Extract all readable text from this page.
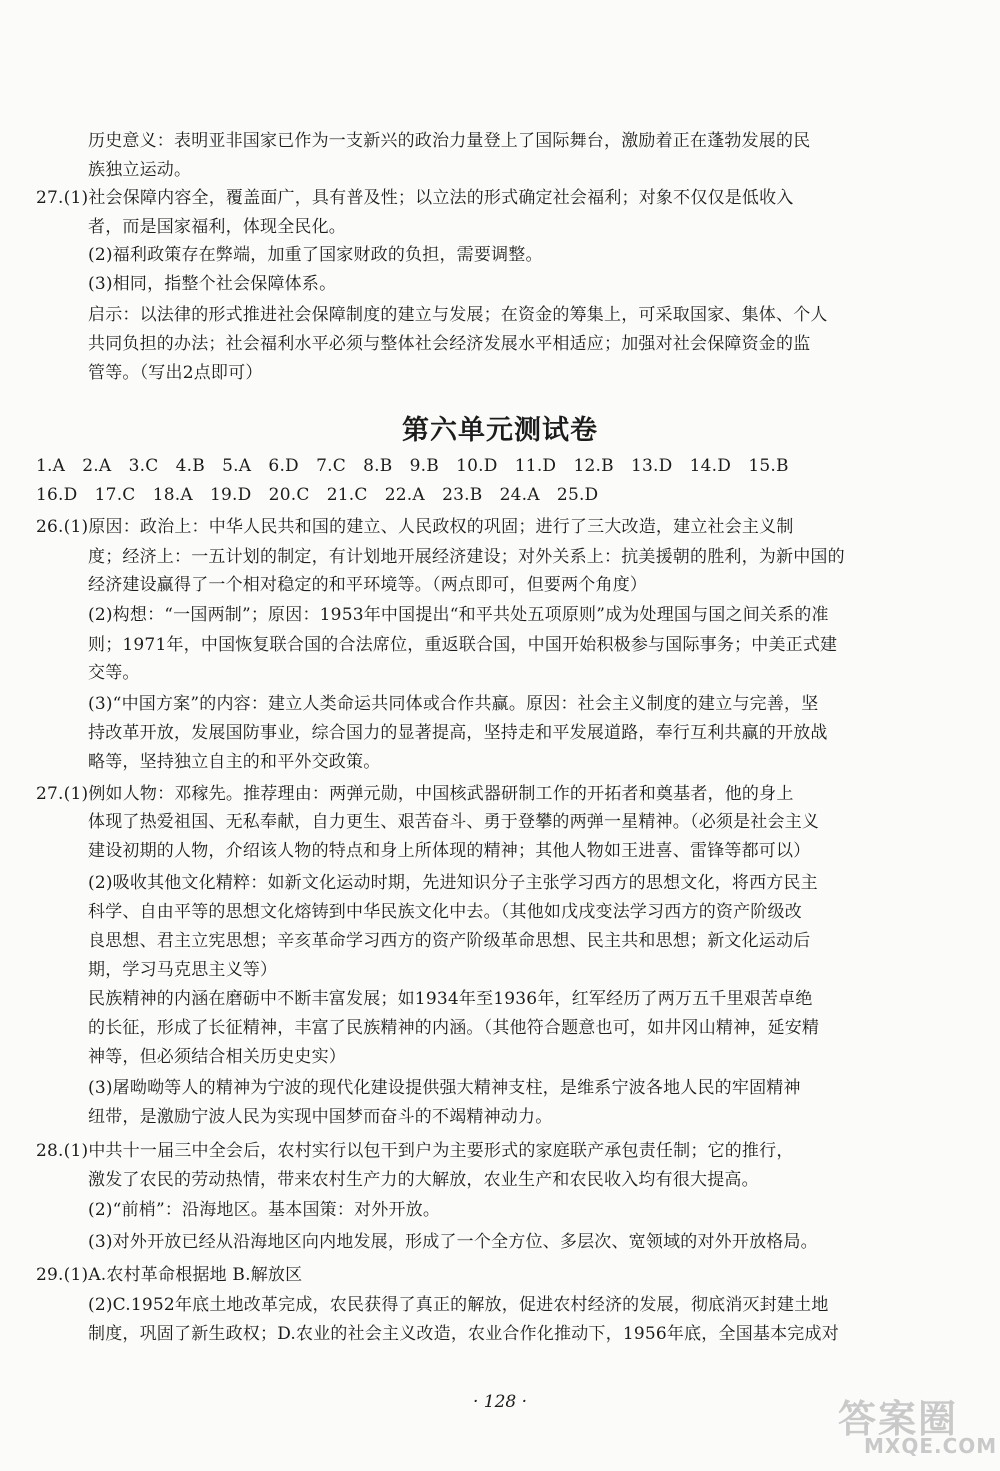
历史意义：表明亚非国家已作为一支新兴的政治力量登上了国际舞台，激励着正在蓬勃发展的民
族独立运动。
27.(1)社会保障内容全，覆盖面广，具有普及性；以立法的形式确定社会福利；对象不仅仅是低收入
者，而是国家福利，体现全民化。
(2)福利政策存在弊端，加重了国家财政的负担，需要调整。
(3)相同，指整个社会保障体系。
启示：以法律的形式推进社会保障制度的建立与发展；在资金的筹集上，可采取国家、集体、个人
共同负担的办法；社会福利水平必须与整体社会经济发展水平相适应；加强对社会保障资金的监
管等。（写出2点即可）
第六单元测试卷
1.A　2.A　3.C　4.B　5.A　6.D　7.C　8.B　9.B　10.D　11.D　12.B　13.D　14.D　15.B
16.D　17.C　18.A　19.D　20.C　21.C　22.A　23.B　24.A　25.D
26.(1)原因：政治上：中华人民共和国的建立、人民政权的巩固；进行了三大改造，建立社会主义制
度；经济上：一五计划的制定，有计划地开展经济建设；对外关系上：抗美援朝的胜利，为新中国的
经济建设赢得了一个相对稳定的和平环境等。（两点即可，但要两个角度）
(2)构想：“一国两制”；原因：1953年中国提出“和平共处五项原则”成为处理国与国之间关系的准
则；1971年，中国恢复联合国的合法席位，重返联合国，中国开始积极参与国际事务；中美正式建
交等。
(3)“中国方案”的内容：建立人类命运共同体或合作共赢。原因：社会主义制度的建立与完善，坚
持改革开放，发展国防事业，综合国力的显著提高，坚持走和平发展道路，奉行互利共赢的开放战
略等，坚持独立自主的和平外交政策。
27.(1)例如人物：邓稼先。推荐理由：两弹元勋，中国核武器研制工作的开拓者和奠基者，他的身上
体现了热爱祖国、无私奉献，自力更生、艰苦奋斗、勇于登攀的两弹一星精神。（必须是社会主义
建设初期的人物，介绍该人物的特点和身上所体现的精神；其他人物如王进喜、雷锋等都可以）
(2)吸收其他文化精粹：如新文化运动时期，先进知识分子主张学习西方的思想文化，将西方民主
科学、自由平等的思想文化熔铸到中华民族文化中去。（其他如戊戌变法学习西方的资产阶级改
良思想、君主立宪思想；辛亥革命学习西方的资产阶级革命思想、民主共和思想；新文化运动后
期，学习马克思主义等）
民族精神的内涵在磨砺中不断丰富发展；如1934年至1936年，红军经历了两万五千里艰苦卓绝
的长征，形成了长征精神，丰富了民族精神的内涵。（其他符合题意也可，如井冈山精神，延安精
神等，但必须结合相关历史史实）
(3)屠呦呦等人的精神为宁波的现代化建设提供强大精神支柱，是维系宁波各地人民的牢固精神
纽带，是激励宁波人民为实现中国梦而奋斗的不竭精神动力。
28.(1)中共十一届三中全会后，农村实行以包干到户为主要形式的家庭联产承包责任制；它的推行，
激发了农民的劳动热情，带来农村生产力的大解放，农业生产和农民收入均有很大提高。
(2)“前梢”：沿海地区。基本国策：对外开放。
(3)对外开放已经从沿海地区向内地发展，形成了一个全方位、多层次、宽领域的对外开放格局。
29.(1)A.农村革命根据地 B.解放区
(2)C.1952年底土地改革完成，农民获得了真正的解放，促进农村经济的发展，彻底消灭封建土地
制度，巩固了新生政权；D.农业的社会主义改造，农业合作化推动下，1956年底，全国基本完成对
· 128 ·	答案圈
MXQE.COM
